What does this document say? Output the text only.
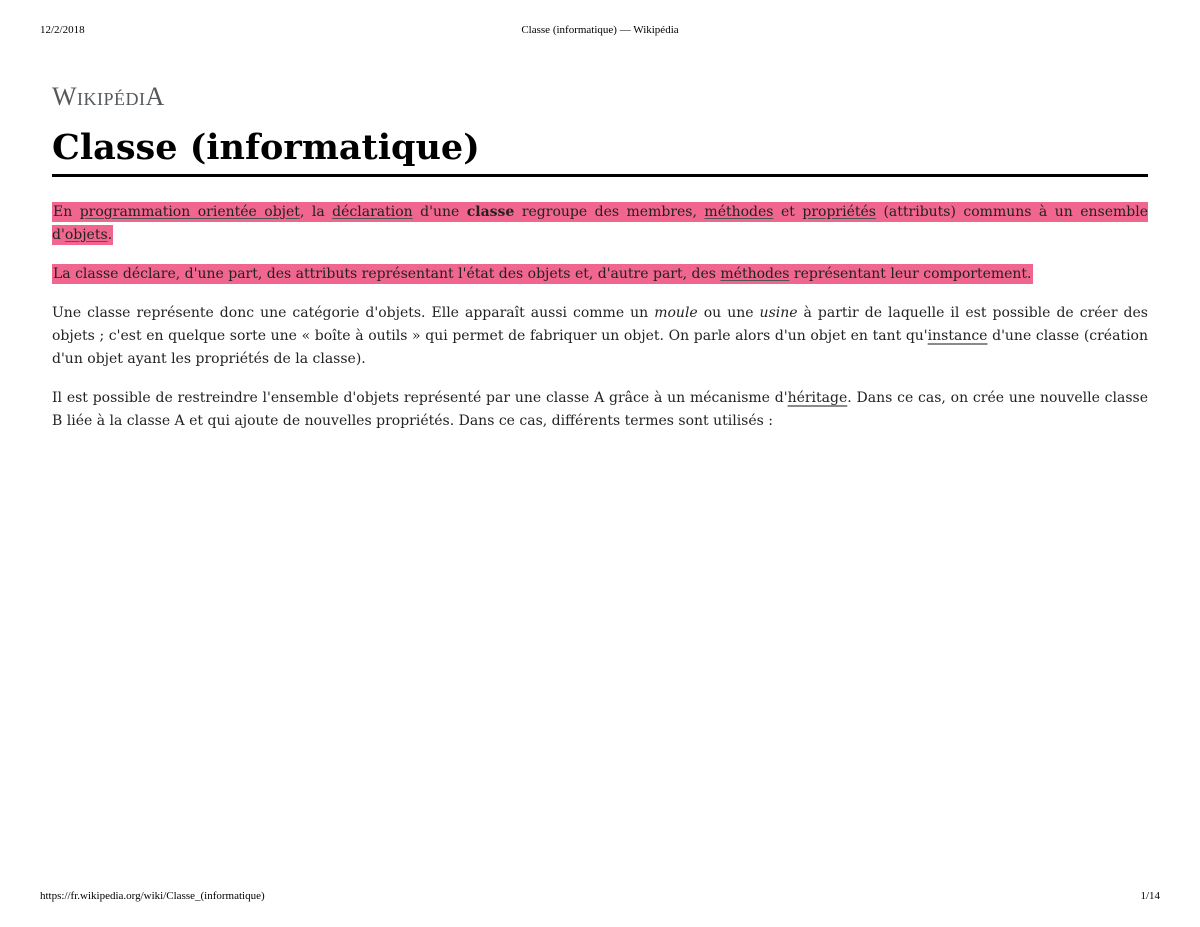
12/2/2018	Classe (informatique) — Wikipédia
WikipédiA
Classe (informatique)

En programmation orientée objet, la déclaration d'une classe regroupe des membres, méthodes et propriétés (attributs) communs à un ensemble d'objets.

La classe déclare, d'une part, des attributs représentant l'état des objets et, d'autre part, des méthodes représentant leur comportement.

Une classe représente donc une catégorie d'objets. Elle apparaît aussi comme un moule ou une usine à partir de laquelle il est possible de créer des objets ; c'est en quelque sorte une « boîte à outils » qui permet de fabriquer un objet. On parle alors d'un objet en tant qu'instance d'une classe (création d'un objet ayant les propriétés de la classe).

Il est possible de restreindre l'ensemble d'objets représenté par une classe A grâce à un mécanisme d'héritage. Dans ce cas, on crée une nouvelle classe B liée à la classe A et qui ajoute de nouvelles propriétés. Dans ce cas, différents termes sont utilisés :

https://fr.wikipedia.org/wiki/Classe_(informatique)	1/14
